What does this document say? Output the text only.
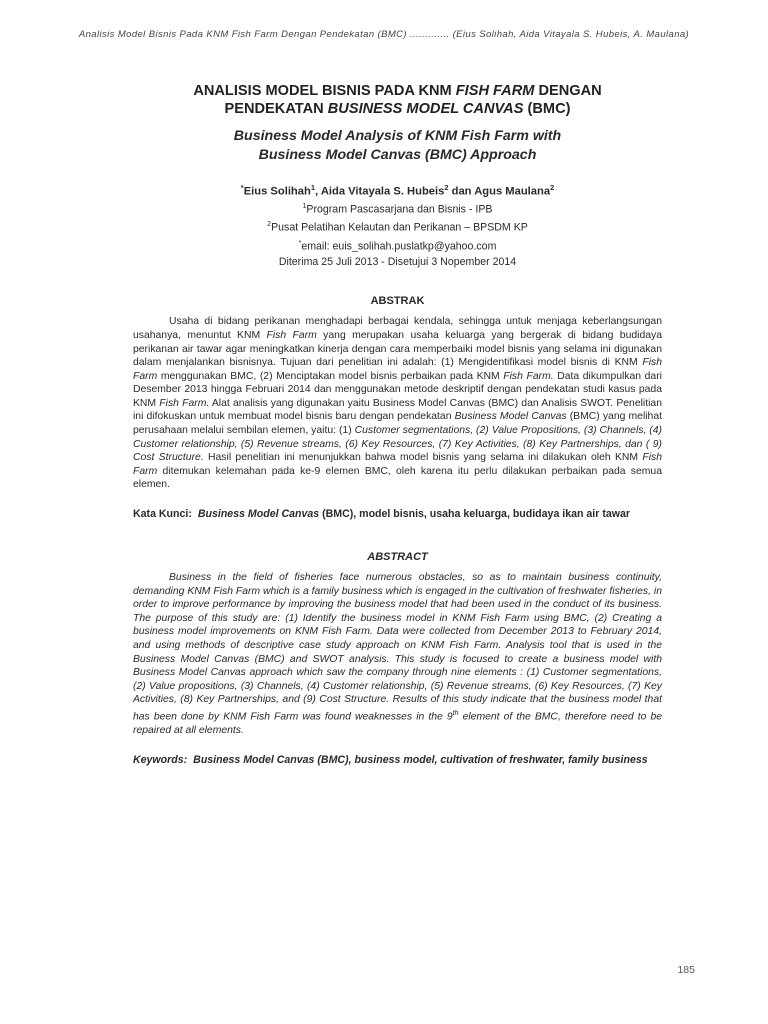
Analisis Model Bisnis Pada KNM Fish Farm Dengan Pendekatan (BMC) ............. (Eius Solihah, Aida Vitayala S. Hubeis, A. Maulana)
ANALISIS MODEL BISNIS PADA KNM FISH FARM DENGAN
PENDEKATAN BUSINESS MODEL CANVAS (BMC)
Business Model Analysis of KNM Fish Farm with
Business Model Canvas (BMC) Approach
*Eius Solihah$^1$, Aida Vitayala S. Hubeis$^2$ dan Agus Maulana$^2$
$^1$Program Pascasarjana dan Bisnis - IPB
$^2$Pusat Pelatihan Kelautan dan Perikanan – BPSDM KP
*email: euis_solihah.puslatkp@yahoo.com
Diterima 25 Juli 2013 - Disetujui 3 Nopember 2014
ABSTRAK

Usaha di bidang perikanan menghadapi berbagai kendala, sehingga untuk menjaga keberlangsungan usahanya, menuntut KNM Fish Farm yang merupakan usaha keluarga yang bergerak di bidang budidaya perikanan air tawar agar meningkatkan kinerja dengan cara memperbaiki model bisnis yang selama ini digunakan dalam menjalankan bisnisnya. Tujuan dari penelitian ini adalah: (1) Mengidentifikasi model bisnis di KNM Fish Farm menggunakan BMC, (2) Menciptakan model bisnis perbaikan pada KNM Fish Farm. Data dikumpulkan dari Desember 2013 hingga Februari 2014 dan menggunakan metode deskriptif dengan pendekatan studi kasus pada KNM Fish Farm. Alat analisis yang digunakan yaitu Business Model Canvas (BMC) dan Analisis SWOT. Penelitian ini difokuskan untuk membuat model bisnis baru dengan pendekatan Business Model Canvas (BMC) yang melihat perusahaan melalui sembilan elemen, yaitu: (1) Customer segmentations, (2) Value Propositions, (3) Channels, (4) Customer relationship, (5) Revenue streams, (6) Key Resources, (7) Key Activities, (8) Key Partnerships, dan ( 9) Cost Structure. Hasil penelitian ini menunjukkan bahwa model bisnis yang selama ini dilakukan oleh KNM Fish Farm ditemukan kelemahan pada ke-9 elemen BMC, oleh karena itu perlu dilakukan perbaikan pada semua elemen.

Kata Kunci: Business Model Canvas (BMC), model bisnis, usaha keluarga, budidaya ikan air tawar
ABSTRACT

Business in the field of fisheries face numerous obstacles, so as to maintain business continuity, demanding KNM Fish Farm which is a family business which is engaged in the cultivation of freshwater fisheries, in order to improve performance by improving the business model that had been used in the conduct of its business. The purpose of this study are: (1) Identify the business model in KNM Fish Farm using BMC, (2) Creating a business model improvements on KNM Fish Farm. Data were collected from December 2013 to February 2014, and using methods of descriptive case study approach on KNM Fish Farm. Analysis tool that is used in the Business Model Canvas (BMC) and SWOT analysis. This study is focused to create a business model with Business Model Canvas approach which saw the company through nine elements : (1) Customer segmentations, (2) Value propositions, (3) Channels, (4) Customer relationship, (5) Revenue streams, (6) Key Resources, (7) Key Activities, (8) Key Partnerships, and (9) Cost Structure. Results of this study indicate that the business model that has been done by KNM Fish Farm was found weaknesses in the 9th element of the BMC, therefore need to be repaired at all elements.

Keywords: Business Model Canvas (BMC), business model, cultivation of freshwater, family business
185
